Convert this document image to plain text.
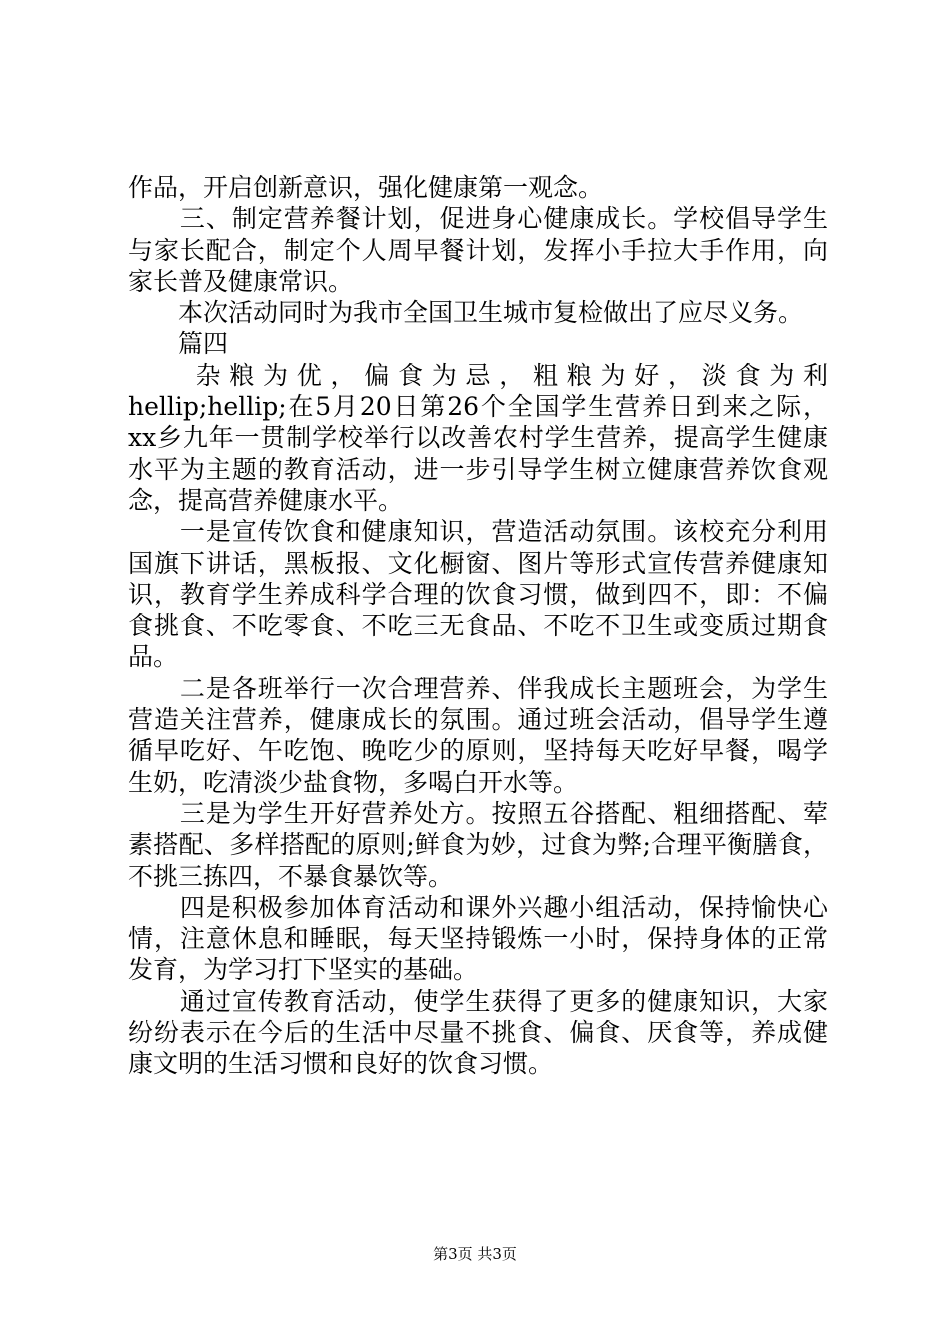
作品，开启创新意识，强化健康第一观念。
　　三、制定营养餐计划，促进身心健康成长。学校倡导学生
与家长配合，制定个人周早餐计划，发挥小手拉大手作用，向
家长普及健康常识。
　　本次活动同时为我市全国卫生城市复检做出了应尽义务。
　　篇四
　　杂粮为优，偏食为忌，粗粮为好，淡食为利
hellip;hellip;在5月20日第26个全国学生营养日到来之际，
xx乡九年一贯制学校举行以改善农村学生营养，提高学生健康
水平为主题的教育活动，进一步引导学生树立健康营养饮食观
念，提高营养健康水平。
　　一是宣传饮食和健康知识，营造活动氛围。该校充分利用
国旗下讲话，黑板报、文化橱窗、图片等形式宣传营养健康知
识，教育学生养成科学合理的饮食习惯，做到四不，即：不偏
食挑食、不吃零食、不吃三无食品、不吃不卫生或变质过期食
品。
　　二是各班举行一次合理营养、伴我成长主题班会，为学生
营造关注营养，健康成长的氛围。通过班会活动，倡导学生遵
循早吃好、午吃饱、晚吃少的原则，坚持每天吃好早餐，喝学
生奶，吃清淡少盐食物，多喝白开水等。
　　三是为学生开好营养处方。按照五谷搭配、粗细搭配、荤
素搭配、多样搭配的原则;鲜食为妙，过食为弊;合理平衡膳食，
不挑三拣四，不暴食暴饮等。
　　四是积极参加体育活动和课外兴趣小组活动，保持愉快心
情，注意休息和睡眠，每天坚持锻炼一小时，保持身体的正常
发育，为学习打下坚实的基础。
　　通过宣传教育活动，使学生获得了更多的健康知识，大家
纷纷表示在今后的生活中尽量不挑食、偏食、厌食等，养成健
康文明的生活习惯和良好的饮食习惯。
第3页 共3页
